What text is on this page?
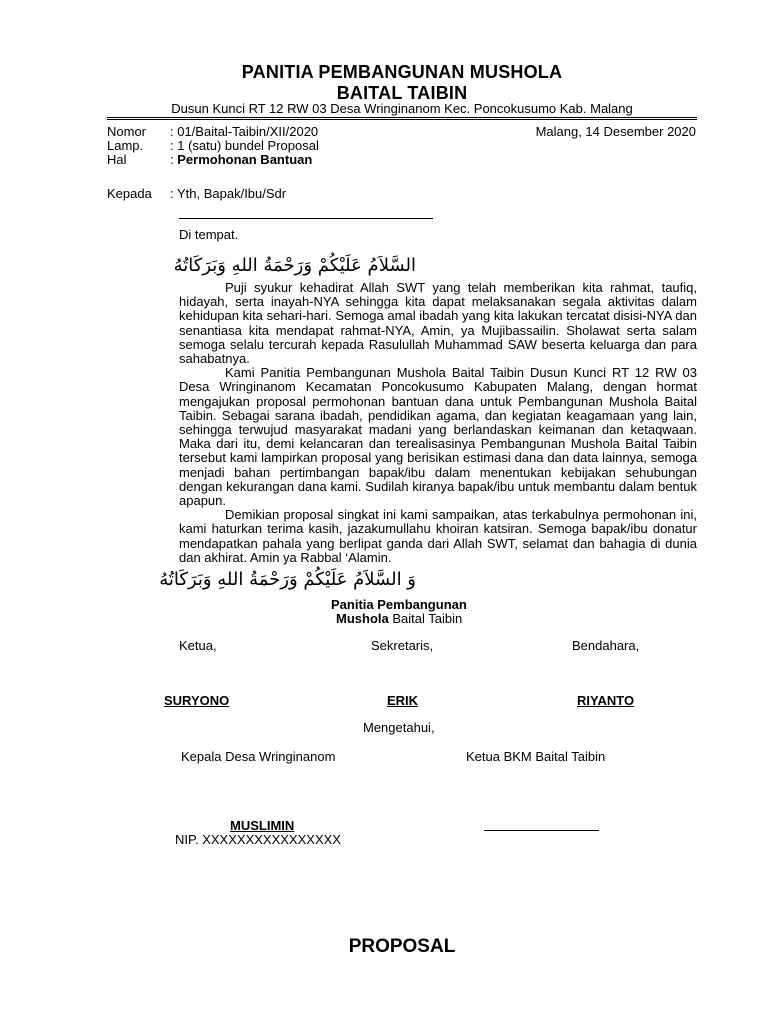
PANITIA PEMBANGUNAN MUSHOLA
BAITAL TAIBIN
Dusun Kunci RT 12 RW 03 Desa Wringinanom Kec. Poncokusumo Kab. Malang
Nomor : 01/Baital-Taibin/XII/2020	Malang, 14 Desember 2020
Lamp. : 1 (satu) bundel Proposal
Hal	: Permohonan Bantuan
Kepada : Yth, Bapak/Ibu/Sdr
Di tempat.
السَّلاَمُ عَلَيْكُمْ وَرَحْمَةُ اللهِ وَبَرَكَاتُهُ

Puji syukur kehadirat Allah SWT yang telah memberikan kita rahmat, taufiq, hidayah, serta inayah-NYA sehingga kita dapat melaksanakan segala aktivitas dalam kehidupan kita sehari-hari. Semoga amal ibadah yang kita lakukan tercatat disisi-NYA dan senantiasa kita mendapat rahmat-NYA, Amin, ya Mujibassailin. Sholawat serta salam semoga selalu tercurah kepada Rasulullah Muhammad SAW beserta keluarga dan para sahabatnya.

Kami Panitia Pembangunan Mushola Baital Taibin Dusun Kunci RT 12 RW 03 Desa Wringinanom Kecamatan Poncokusumo Kabupaten Malang, dengan hormat mengajukan proposal permohonan bantuan dana untuk Pembangunan Mushola Baital Taibin. Sebagai sarana ibadah, pendidikan agama, dan kegiatan keagamaan yang lain, sehingga terwujud masyarakat madani yang berlandaskan keimanan dan ketaqwaan. Maka dari itu, demi kelancaran dan terealisasinya Pembangunan Mushola Baital Taibin tersebut kami lampirkan proposal yang berisikan estimasi dana dan data lainnya, semoga menjadi bahan pertimbangan bapak/ibu dalam menentukan kebijakan sehubungan dengan kekurangan dana kami. Sudilah kiranya bapak/ibu untuk membantu dalam bentuk apapun.

Demikian proposal singkat ini kami sampaikan, atas terkabulnya permohonan ini, kami haturkan terima kasih, jazakumullahu khoiran katsiran. Semoga bapak/ibu donatur mendapatkan pahala yang berlipat ganda dari Allah SWT, selamat dan bahagia di dunia dan akhirat. Amin ya Rabbal ‘Alamin.

وَ السَّلاَمُ عَلَيْكُمْ وَرَحْمَةُ اللهِ وَبَرَكَاتُهُ
Panitia Pembangunan
Mushola Baital Taibin
Ketua,	Sekretaris,	Bendahara,
SURYONO	ERIK	RIYANTO
Mengetahui,
Kepala Desa Wringinanom	Ketua BKM Baital Taibin
MUSLIMIN
NIP. XXXXXXXXXXXXXXXX
PROPOSAL
